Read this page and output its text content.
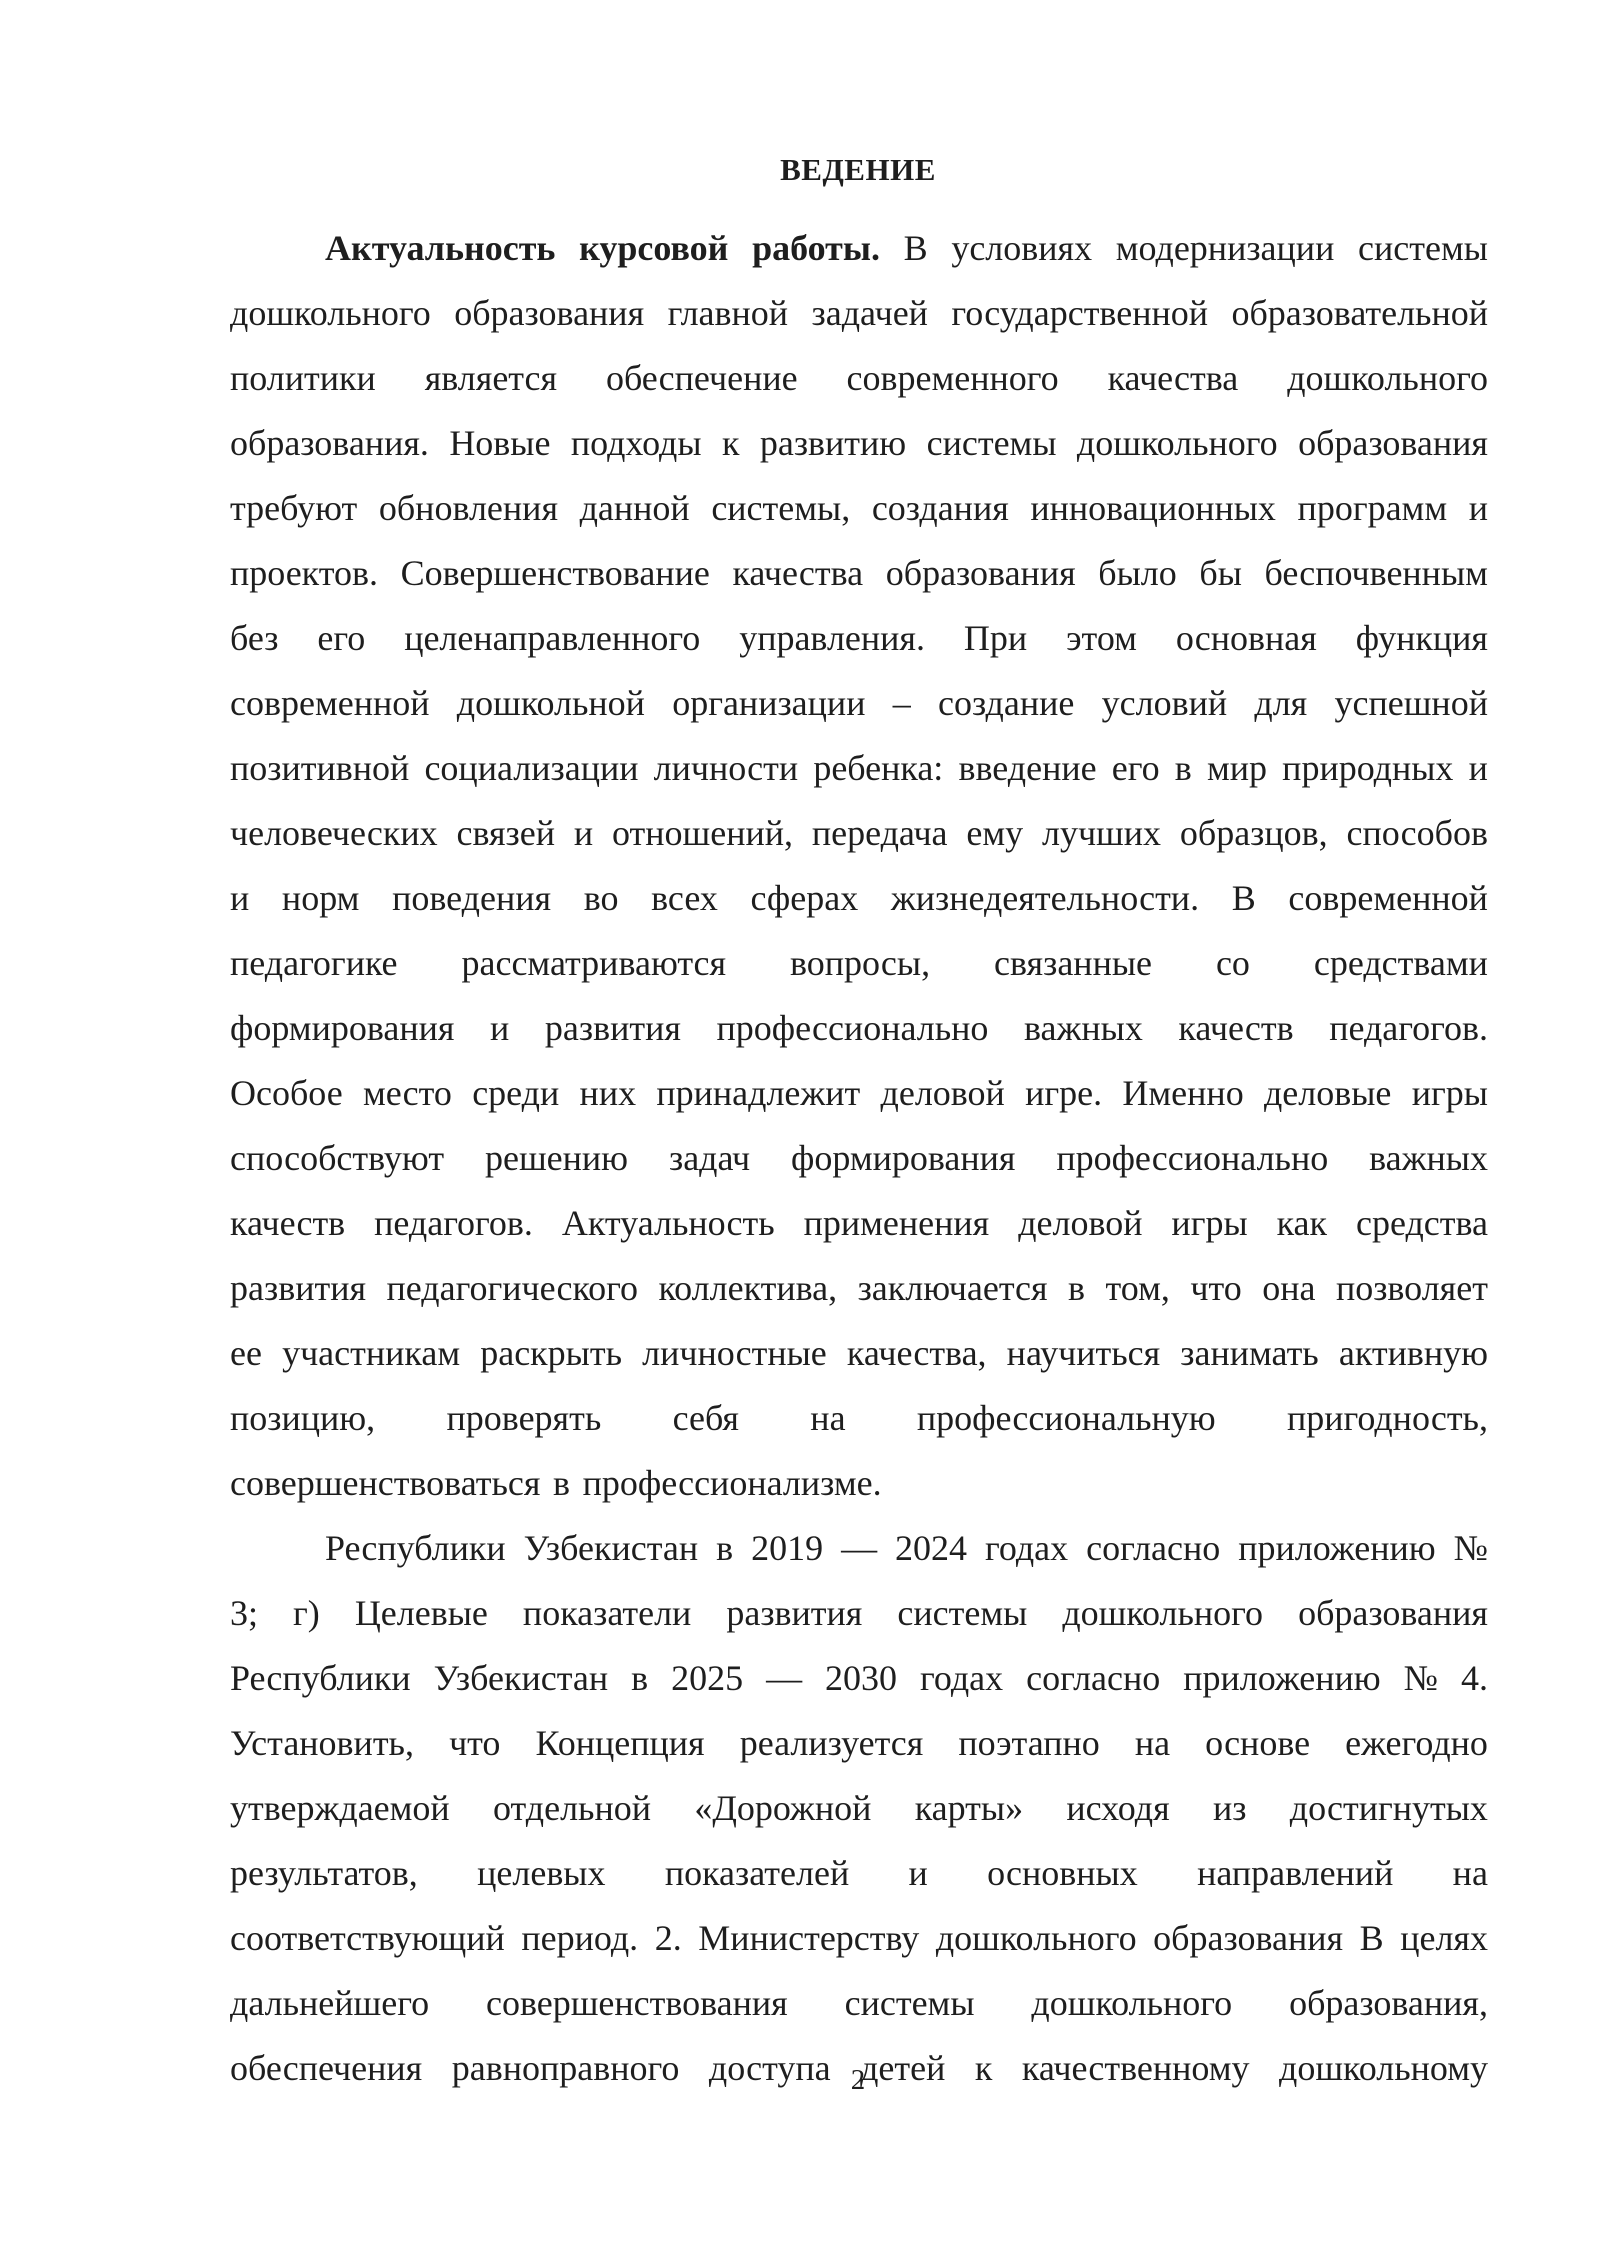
ВЕДЕНИЕ
Актуальность курсовой работы. В условиях модернизации системы
дошкольного образования главной задачей государственной образовательной
политики является обеспечение современного качества дошкольного
образования. Новые подходы к развитию системы дошкольного образования
требуют обновления данной системы, создания инновационных программ и
проектов. Совершенствование качества образования было бы беспочвенным
без его целенаправленного управления. При этом основная функция
современной дошкольной организации – создание условий для успешной
позитивной социализации личности ребенка: введение его в мир природных и
человеческих связей и отношений, передача ему лучших образцов, способов
и норм поведения во всех сферах жизнедеятельности. В современной
педагогике рассматриваются вопросы, связанные со средствами
формирования и развития профессионально важных качеств педагогов.
Особое место среди них принадлежит деловой игре. Именно деловые игры
способствуют решению задач формирования профессионально важных
качеств педагогов. Актуальность применения деловой игры как средства
развития педагогического коллектива, заключается в том, что она позволяет
ее участникам раскрыть личностные качества, научиться занимать активную
позицию, проверять себя на профессиональную пригодность,
совершенствоваться в профессионализме.
Республики Узбекистан в 2019 — 2024 годах согласно приложению №
3; г) Целевые показатели развития системы дошкольного образования
Республики Узбекистан в 2025 — 2030 годах согласно приложению № 4.
Установить, что Концепция реализуется поэтапно на основе ежегодно
утверждаемой отдельной «Дорожной карты» исходя из достигнутых
результатов, целевых показателей и основных направлений на
соответствующий период. 2. Министерству дошкольного образования В целях
дальнейшего совершенствования системы дошкольного образования,
обеспечения равноправного доступа детей к качественному дошкольному
2
